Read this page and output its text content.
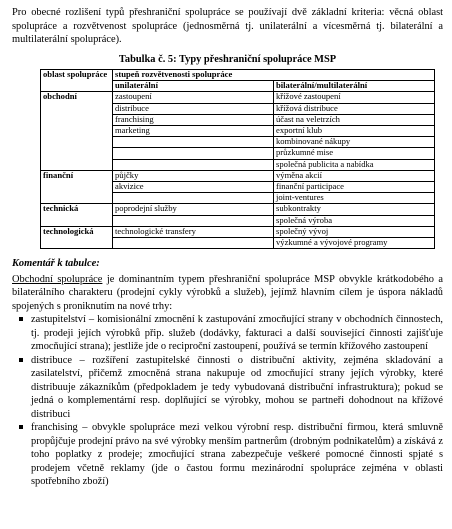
Pro obecné rozlišení typů přeshraniční spolupráce se používají dvě základní kriteria: věcná oblast spolupráce a rozvětvenost spolupráce (jednosměrná tj. unilaterální a vícesměrná tj. bilaterální a multilaterální spolupráce).

Tabulka č. 5: Typy přeshraniční spolupráce MSP
oblast spolupráce	stupeň rozvětvenosti spolupráce	
	unilaterální	bilaterální/multilaterální
obchodní	zastoupení	křížové zastoupení
	distribuce	křížová distribuce
	franchising	účast na veletrzích
	marketing	exportní klub
		kombinované nákupy
		průzkumné mise
		společná publicita a nabídka
finanční	půjčky	výměna akcií
	akvizice	finanční participace
		joint-ventures
technická	poprodejní služby	subkontrakty
		společná výroba
technologická	technologické transfery	společný vývoj
		výzkumné a vývojové programy
Komentář k tabulce:

Obchodní spolupráce je dominantním typem přeshraniční spolupráce MSP obvykle krátkodobého a bilaterálního charakteru (prodejní cykly výrobků a služeb), jejímž hlavním cílem je úspora nákladů spojených s proniknutím na nové trhy:

zastupitelství – komisionální zmocnění k zastupování zmocňující strany v obchodních činnostech, tj. prodeji jejích výrobků přip. služeb (dodávky, fakturaci a další související činnosti zajišťuje zmocňující strana); jestliže jde o reciproční zastoupení, používá se termín křížového zastoupení
distribuce – rozšíření zastupitelské činnosti o distribuční aktivity, zejména skladování a zasilatelství, přičemž zmocněná strana nakupuje od zmocňující strany jejích výrobky, které distribuuje zákazníkům (předpokladem je tedy vybudovaná distribuční infrastruktura); pokud se jedná o komplementární resp. doplňující se výrobky, mohou se partneři dohodnout na křížové distribuci
franchising – obvykle spolupráce mezi velkou výrobní resp. distribuční firmou, která smluvně propůjčuje prodejní právo na své výrobky menším partnerům (drobným podnikatelům) a získává z toho poplatky z prodeje; zmocňující strana zabezpečuje veškeré pomocné činnosti spjaté s prodejem včetně reklamy (jde o častou formu mezinárodní spolupráce zejména v oblasti spotřebního zboží)
